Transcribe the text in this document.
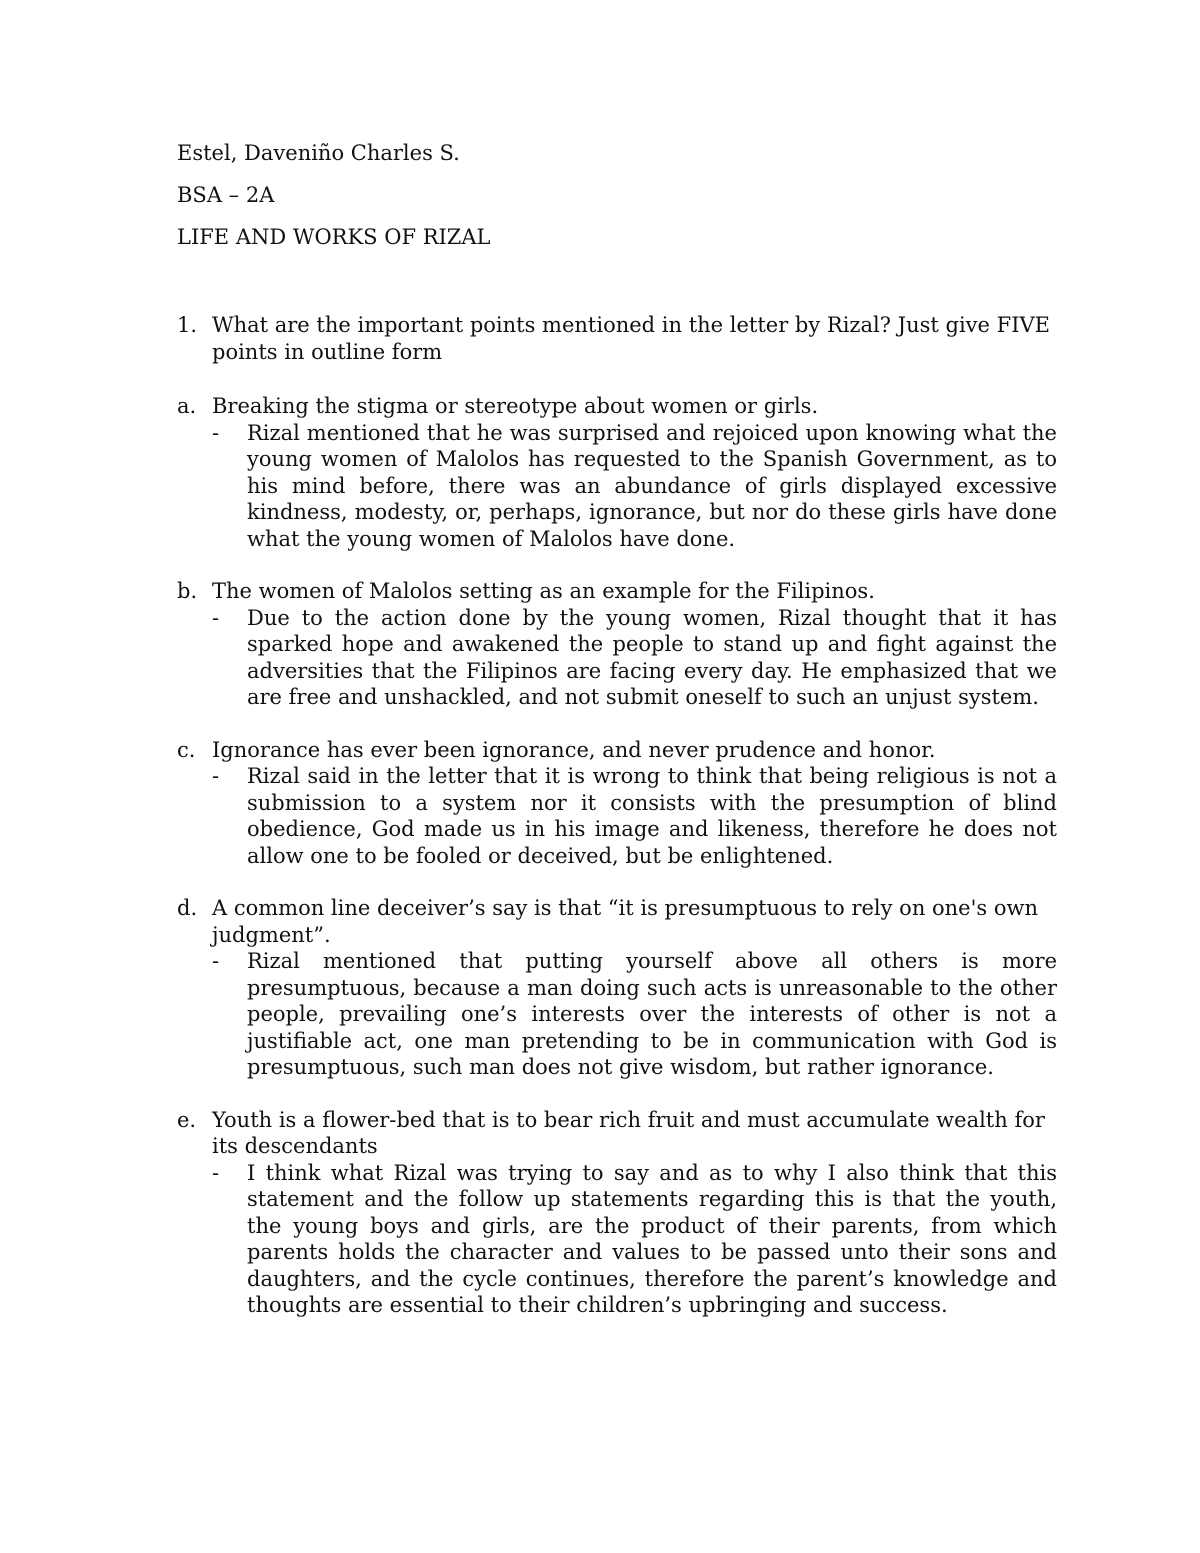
Estel, Daveniño Charles S.
BSA – 2A
LIFE AND WORKS OF RIZAL
1. What are the important points mentioned in the letter by Rizal? Just give FIVE points in outline form
a. Breaking the stigma or stereotype about women or girls.
- Rizal mentioned that he was surprised and rejoiced upon knowing what the young women of Malolos has requested to the Spanish Government, as to his mind before, there was an abundance of girls displayed excessive kindness, modesty, or, perhaps, ignorance, but nor do these girls have done what the young women of Malolos have done.
b. The women of Malolos setting as an example for the Filipinos.
- Due to the action done by the young women, Rizal thought that it has sparked hope and awakened the people to stand up and fight against the adversities that the Filipinos are facing every day. He emphasized that we are free and unshackled, and not submit oneself to such an unjust system.
c. Ignorance has ever been ignorance, and never prudence and honor.
- Rizal said in the letter that it is wrong to think that being religious is not a submission to a system nor it consists with the presumption of blind obedience, God made us in his image and likeness, therefore he does not allow one to be fooled or deceived, but be enlightened.
d. A common line deceiver’s say is that “it is presumptuous to rely on one's own judgment”.
- Rizal mentioned that putting yourself above all others is more presumptuous, because a man doing such acts is unreasonable to the other people, prevailing one’s interests over the interests of other is not a justifiable act, one man pretending to be in communication with God is presumptuous, such man does not give wisdom, but rather ignorance.
e. Youth is a flower-bed that is to bear rich fruit and must accumulate wealth for its descendants
- I think what Rizal was trying to say and as to why I also think that this statement and the follow up statements regarding this is that the youth, the young boys and girls, are the product of their parents, from which parents holds the character and values to be passed unto their sons and daughters, and the cycle continues, therefore the parent’s knowledge and thoughts are essential to their children’s upbringing and success.
